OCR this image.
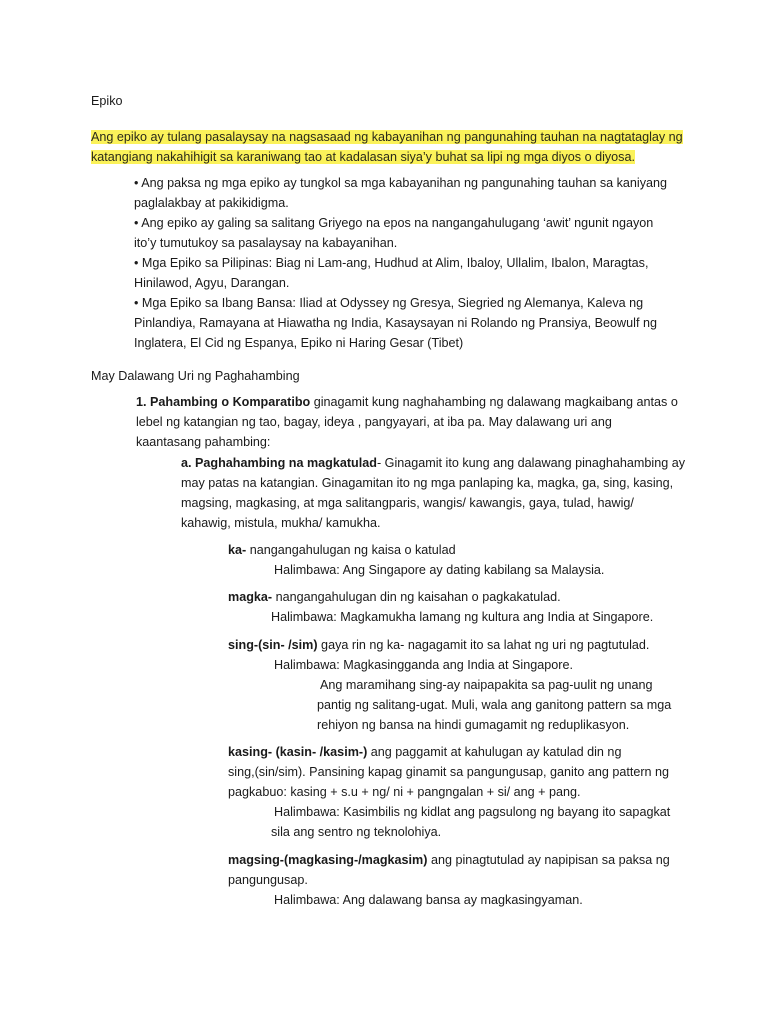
Epiko

Ang epiko ay tulang pasalaysay na nagsasaad ng kabayanihan ng pangunahing tauhan na nagtataglay ng

katangiang nakahihigit sa karaniwang tao at kadalasan siya’y buhat sa lipi ng mga diyos o diyosa.

• Ang paksa ng mga epiko ay tungkol sa mga kabayanihan ng pangunahing tauhan sa kaniyang

paglalakbay at pakikidigma.

• Ang epiko ay galing sa salitang Griyego na epos na nangangahulugang ‘awit’ ngunit ngayon

ito’y tumutukoy sa pasalaysay na kabayanihan.

• Mga Epiko sa Pilipinas: Biag ni Lam-ang, Hudhud at Alim, Ibaloy, Ullalim, Ibalon, Maragtas,

Hinilawod, Agyu, Darangan.

• Mga Epiko sa Ibang Bansa: Iliad at Odyssey ng Gresya, Siegried ng Alemanya, Kaleva ng

Pinlandiya, Ramayana at Hiawatha ng India, Kasaysayan ni Rolando ng Pransiya, Beowulf ng

Inglatera, El Cid ng Espanya, Epiko ni Haring Gesar (Tibet)

May Dalawang Uri ng Paghahambing

1. Pahambing o Komparatibo ginagamit kung naghahambing ng dalawang magkaibang antas o

lebel ng katangian ng tao, bagay, ideya , pangyayari, at iba pa. May dalawang uri ang

kaantasang pahambing:

a. Paghahambing na magkatulad- Ginagamit ito kung ang dalawang pinaghahambing ay

may patas na katangian. Ginagamitan ito ng mga panlaping ka, magka, ga, sing, kasing,

magsing, magkasing, at mga salitangparis, wangis/ kawangis, gaya, tulad, hawig/

kahawig, mistula, mukha/ kamukha.

ka- nangangahulugan ng kaisa o katulad

Halimbawa: Ang Singapore ay dating kabilang sa Malaysia.

magka- nangangahulugan din ng kaisahan o pagkakatulad.

Halimbawa: Magkamukha lamang ng kultura ang India at Singapore.

sing-(sin- /sim) gaya rin ng ka- nagagamit ito sa lahat ng uri ng pagtutulad.

Halimbawa: Magkasingganda ang India at Singapore.

Ang maramihang sing-ay naipapakita sa pag-uulit ng unang

pantig ng salitang-ugat. Muli, wala ang ganitong pattern sa mga

rehiyon ng bansa na hindi gumagamit ng reduplikasyon.

kasing- (kasin- /kasim-) ang paggamit at kahulugan ay katulad din ng

sing,(sin/sim). Pansining kapag ginamit sa pangungusap, ganito ang pattern ng

pagkabuo: kasing + s.u + ng/ ni + pangngalan + si/ ang + pang.

Halimbawa: Kasimbilis ng kidlat ang pagsulong ng bayang ito sapagkat

sila ang sentro ng teknolohiya.

magsing-(magkasing-/magkasim) ang pinagtutulad ay napipisan sa paksa ng

pangungusap.

Halimbawa: Ang dalawang bansa ay magkasingyaman.
